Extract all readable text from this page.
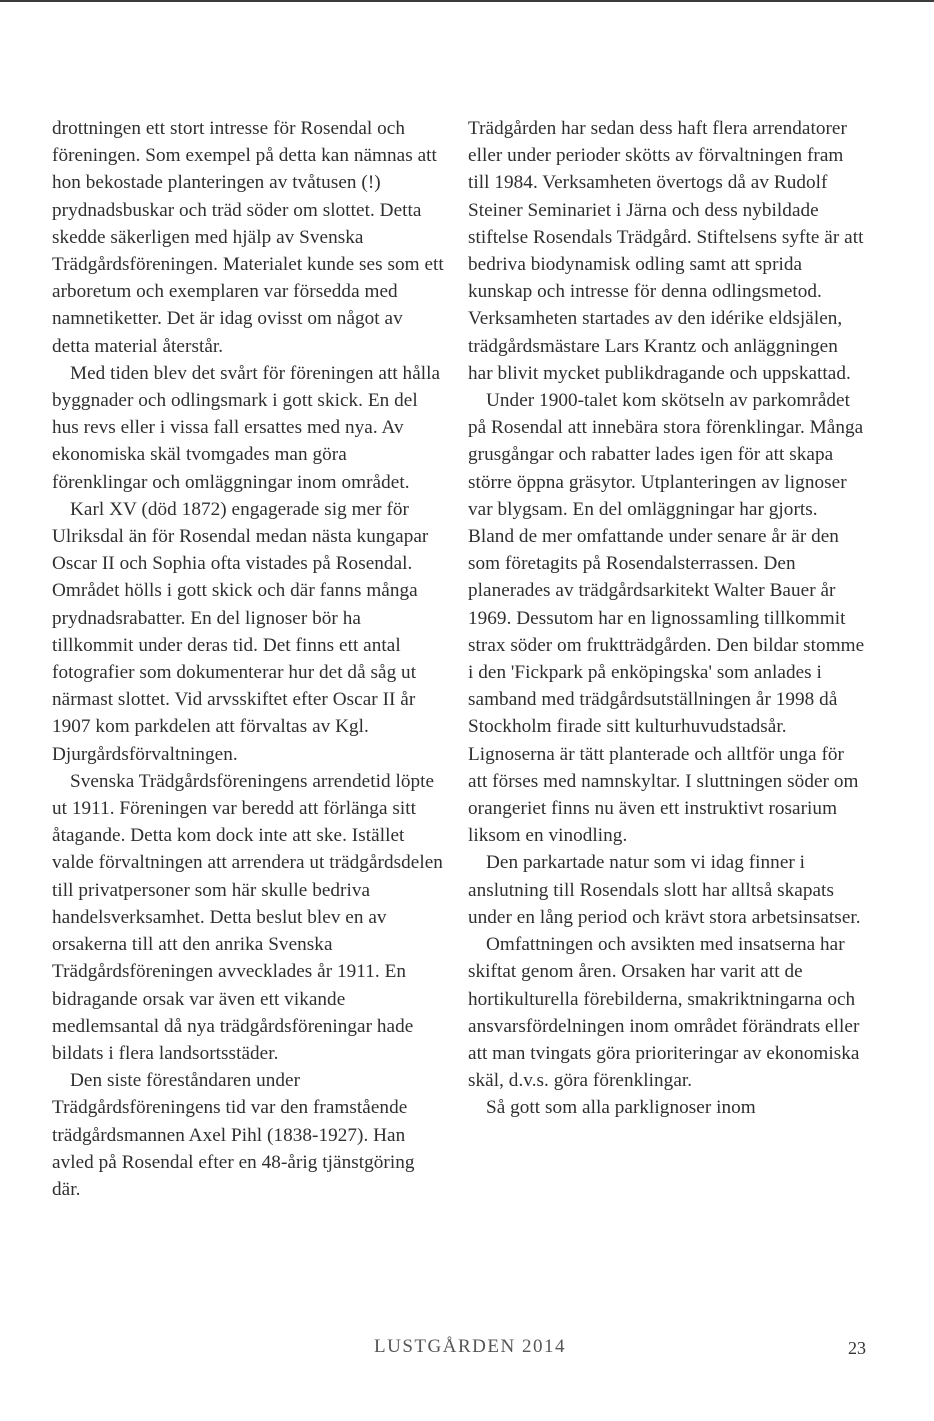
drottningen ett stort intresse för Rosendal och föreningen. Som exempel på detta kan nämnas att hon bekostade planteringen av tvåtusen (!) prydnadsbuskar och träd söder om slottet. Detta skedde säkerligen med hjälp av Svenska Trädgårdsföreningen. Materialet kunde ses som ett arboretum och exemplaren var försedda med namnetiketter. Det är idag ovisst om något av detta material återstår.

Med tiden blev det svårt för föreningen att hålla byggnader och odlingsmark i gott skick. En del hus revs eller i vissa fall ersattes med nya. Av ekonomiska skäl tvomgades man göra förenklingar och omläggningar inom området.

Karl XV (död 1872) engagerade sig mer för Ulriksdal än för Rosendal medan nästa kungapar Oscar II och Sophia ofta vistades på Rosendal. Området hölls i gott skick och där fanns många prydnadsrabatter. En del lignoser bör ha tillkommit under deras tid. Det finns ett antal fotografier som dokumenterar hur det då såg ut närmast slottet. Vid arvsskiftet efter Oscar II år 1907 kom parkdelen att förvaltas av Kgl. Djurgårdsförvaltningen.

Svenska Trädgårdsföreningens arrendetid löpte ut 1911. Föreningen var beredd att förlänga sitt åtagande. Detta kom dock inte att ske. Istället valde förvaltningen att arrendera ut trädgårdsdelen till privatpersoner som här skulle bedriva handelsverksamhet. Detta beslut blev en av orsakerna till att den anrika Svenska Trädgårdsföreningen avvecklades år 1911. En bidragande orsak var även ett vikande medlemsantal då nya trädgårdsföreningar hade bildats i flera landsortsstäder.

Den siste föreståndaren under Trädgårdsföreningens tid var den framstående trädgårdsmannen Axel Pihl (1838-1927). Han avled på Rosendal efter en 48-årig tjänstgöring där.

Trädgården har sedan dess haft flera arrendatorer eller under perioder skötts av förvaltningen fram till 1984. Verksamheten övertogs då av Rudolf Steiner Seminariet i Järna och dess nybildade stiftelse Rosendals Trädgård. Stiftelsens syfte är att bedriva biodynamisk odling samt att sprida kunskap och intresse för denna odlingsmetod. Verksamheten startades av den idérike eldsjälen, trädgårdsmästare Lars Krantz och anläggningen har blivit mycket publikdragande och uppskattad.

Under 1900-talet kom skötseln av parkområdet på Rosendal att innebära stora förenklingar. Många grusgångar och rabatter lades igen för att skapa större öppna gräsytor. Utplanteringen av lignoser var blygsam. En del omläggningar har gjorts. Bland de mer omfattande under senare år är den som företagits på Rosendalsterrassen. Den planerades av trädgårdsarkitekt Walter Bauer år 1969. Dessutom har en lignossamling tillkommit strax söder om fruktträdgården. Den bildar stomme i den 'Fickpark på enköpingska' som anlades i samband med trädgårdsutställningen år 1998 då Stockholm firade sitt kulturhuvudstadsår. Lignoserna är tätt planterade och alltför unga för att förses med namnskyltar. I sluttningen söder om orangeriet finns nu även ett instruktivt rosarium liksom en vinodling.

Den parkartade natur som vi idag finner i anslutning till Rosendals slott har alltså skapats under en lång period och krävt stora arbetsinsatser.

Omfattningen och avsikten med insatserna har skiftat genom åren. Orsaken har varit att de hortikulturella förebilderna, smakriktningarna och ansvarsfördelningen inom området förändrats eller att man tvingats göra prioriteringar av ekonomiska skäl, d.v.s. göra förenklingar.

Så gott som alla parklignoser inom

LUSTGÅRDEN 2014	23
